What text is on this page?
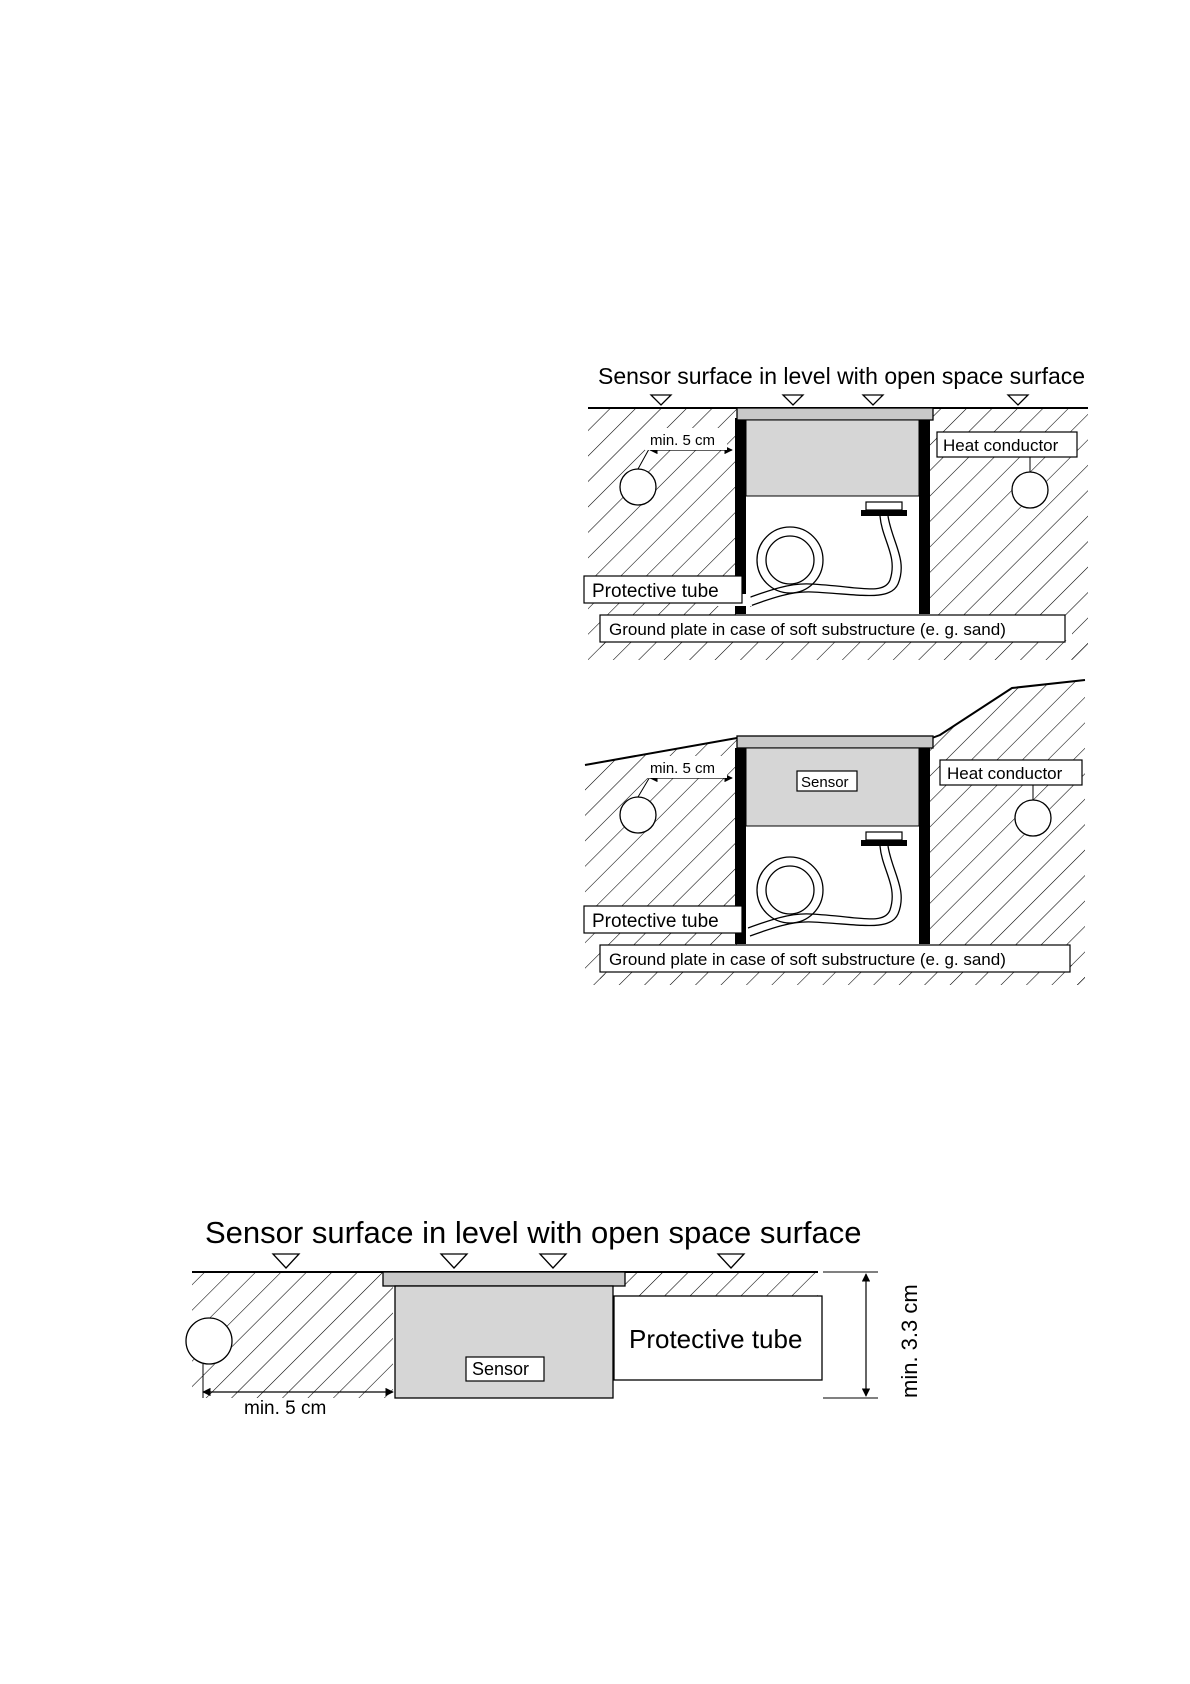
Sensor surface in level with open space surface
min. 5 cm	Heat conductor
Protective tube
Ground plate in case of soft substructure (e. g. sand)
Sensor
min. 5 cm	Heat conductor
Protective tube
Ground plate in case of soft substructure (e. g. sand)
Sensor surface in level with open space surface
Sensor
Protective tube
min. 5 cm
min. 3.3 cm
